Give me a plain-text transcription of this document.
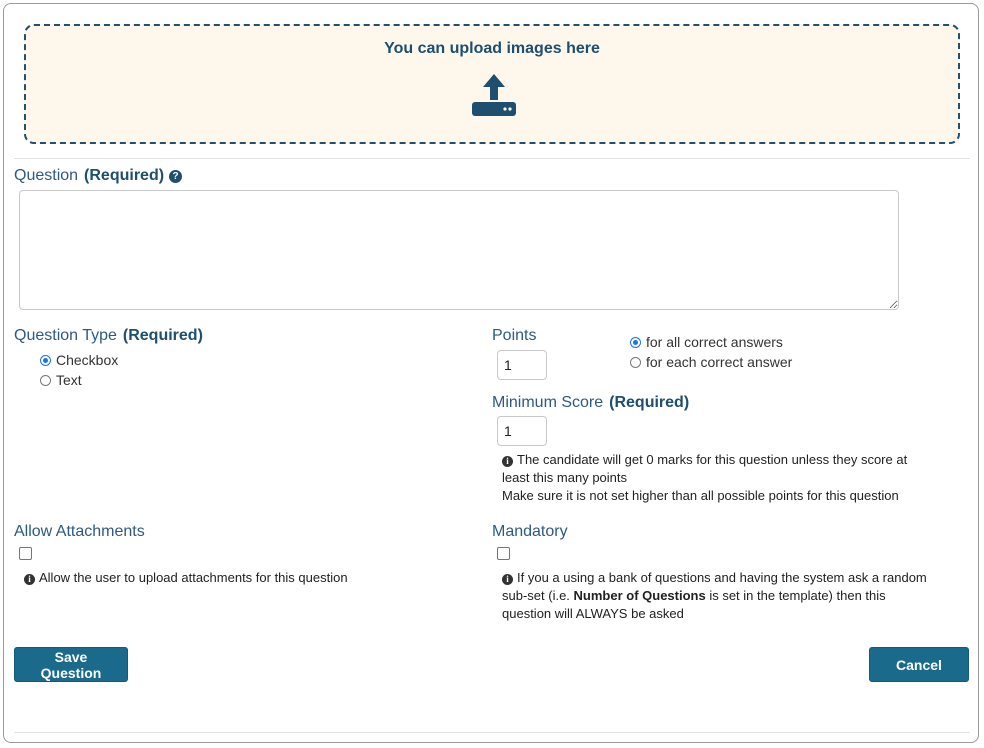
You can upload images here
Question (Required) ?
Question Type (Required)
Checkbox
Text
Points
1	for all correct answers
for each correct answer
Minimum Score (Required)
1
i The candidate will get 0 marks for this question unless they score at
least this many points
Make sure it is not set higher than all possible points for this question
Allow Attachments
i Allow the user to upload attachments for this question
Mandatory
i If you a using a bank of questions and having the system ask a random
sub-set (i.e. Number of Questions is set in the template) then this
question will ALWAYS be asked
Save Question	Cancel
